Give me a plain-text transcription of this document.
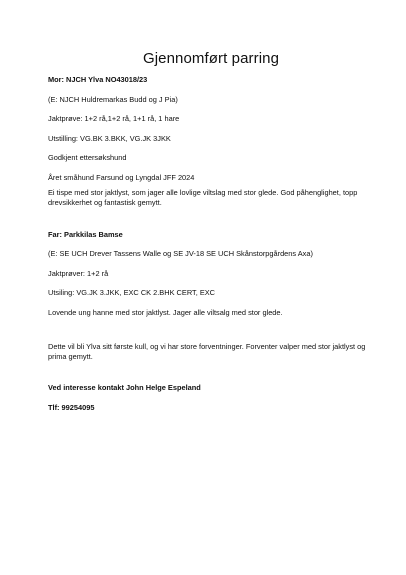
Gjennomført parring

Mor: NJCH Ylva NO43018/23

(E: NJCH Huldremarkas Budd og J Pia)

Jaktprøve: 1+2 rå,1+2 rå, 1+1 rå, 1 hare

Utstilling: VG.BK 3.BKK, VG.JK 3JKK

Godkjent ettersøkshund

Året småhund Farsund og Lyngdal JFF 2024

Ei tispe med stor jaktlyst, som jager alle lovlige viltslag med stor glede. God påhenglighet, topp drevsikkerhet og fantastisk gemytt.

Far: Parkkilas Bamse

(E: SE UCH Drever Tassens Walle og SE JV-18 SE UCH Skånstorpgårdens Axa)

Jaktprøver: 1+2 rå

Utsiling: VG.JK 3.JKK, EXC CK 2.BHK CERT, EXC

Lovende ung hanne med stor jaktlyst. Jager alle viltsalg med stor glede.

Dette vil bli Ylva sitt første kull, og vi har store forventninger. Forventer valper med stor jaktlyst og prima gemytt.

Ved interesse kontakt John Helge Espeland

Tlf: 99254095
